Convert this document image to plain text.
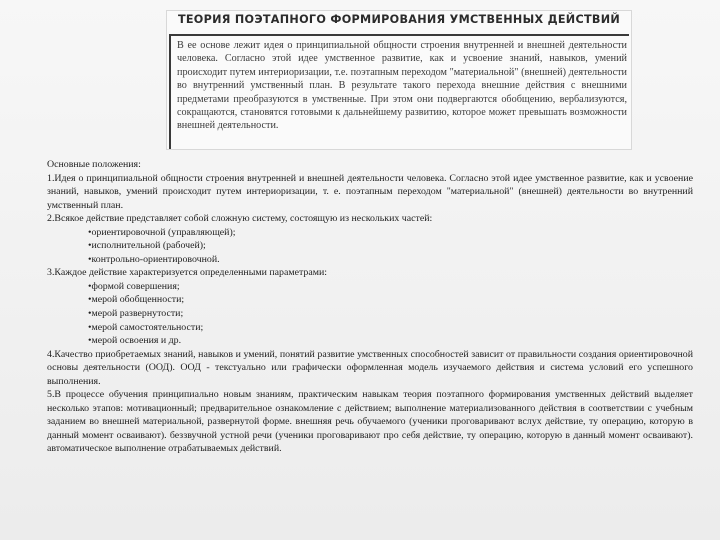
ТЕОРИЯ ПОЭТАПНОГО ФОРМИРОВАНИЯ УМСТВЕННЫХ ДЕЙСТВИЙ

В ее основе лежит идея о принципиальной общности строения внутренней и внешней деятельности человека. Согласно этой идее умственное развитие, как и усвоение знаний, навыков, умений происходит путем интериоризации, т.е. поэтапным переходом "материальной" (внешней) деятельности во внутренний умственный план. В результате такого перехода внешние действия с внешними предметами преобразуются в умственные. При этом они подвергаются обобщению, вербализуются, сокращаются, становятся готовыми к дальнейшему развитию, которое может превышать возможности внешней деятельности.

Основные положения:

1.Идея о принципиальной общности строения внутренней и внешней деятельности человека. Согласно этой идее умственное развитие, как и усвоение знаний, навыков, умений происходит путем интериоризации, т. е. поэтапным переходом "материальной" (внешней) деятельности во внутренний умственный план.

2.Всякое действие представляет собой сложную систему, состоящую из нескольких частей:

•ориентировочной (управляющей);

•исполнительной (рабочей);

•контрольно-ориентировочной.

3.Каждое действие характеризуется определенными параметрами:

•формой совершения;

•мерой обобщенности;

•мерой развернутости;

•мерой самостоятельности;

•мерой освоения и др.

4.Качество приобретаемых знаний, навыков и умений, понятий развитие умственных способностей зависит от правильности создания ориентировочной основы деятельности (ООД). ООД - текстуально или графически оформленная модель изучаемого действия и система условий его успешного выполнения.

5.В процессе обучения принципиально новым знаниям, практическим навыкам теория поэтапного формирования умственных действий выделяет несколько этапов: мотивационный; предварительное ознакомление с действием; выполнение материализованного действия в соответствии с учебным заданием во внешней материальной, развернутой форме. внешняя речь обучаемого (ученики проговаривают вслух действие, ту операцию, которую в данный момент осваивают). беззвучной устной речи (ученики проговаривают про себя действие, ту операцию, которую в данный момент осваивают). автоматическое выполнение отрабатываемых действий.
